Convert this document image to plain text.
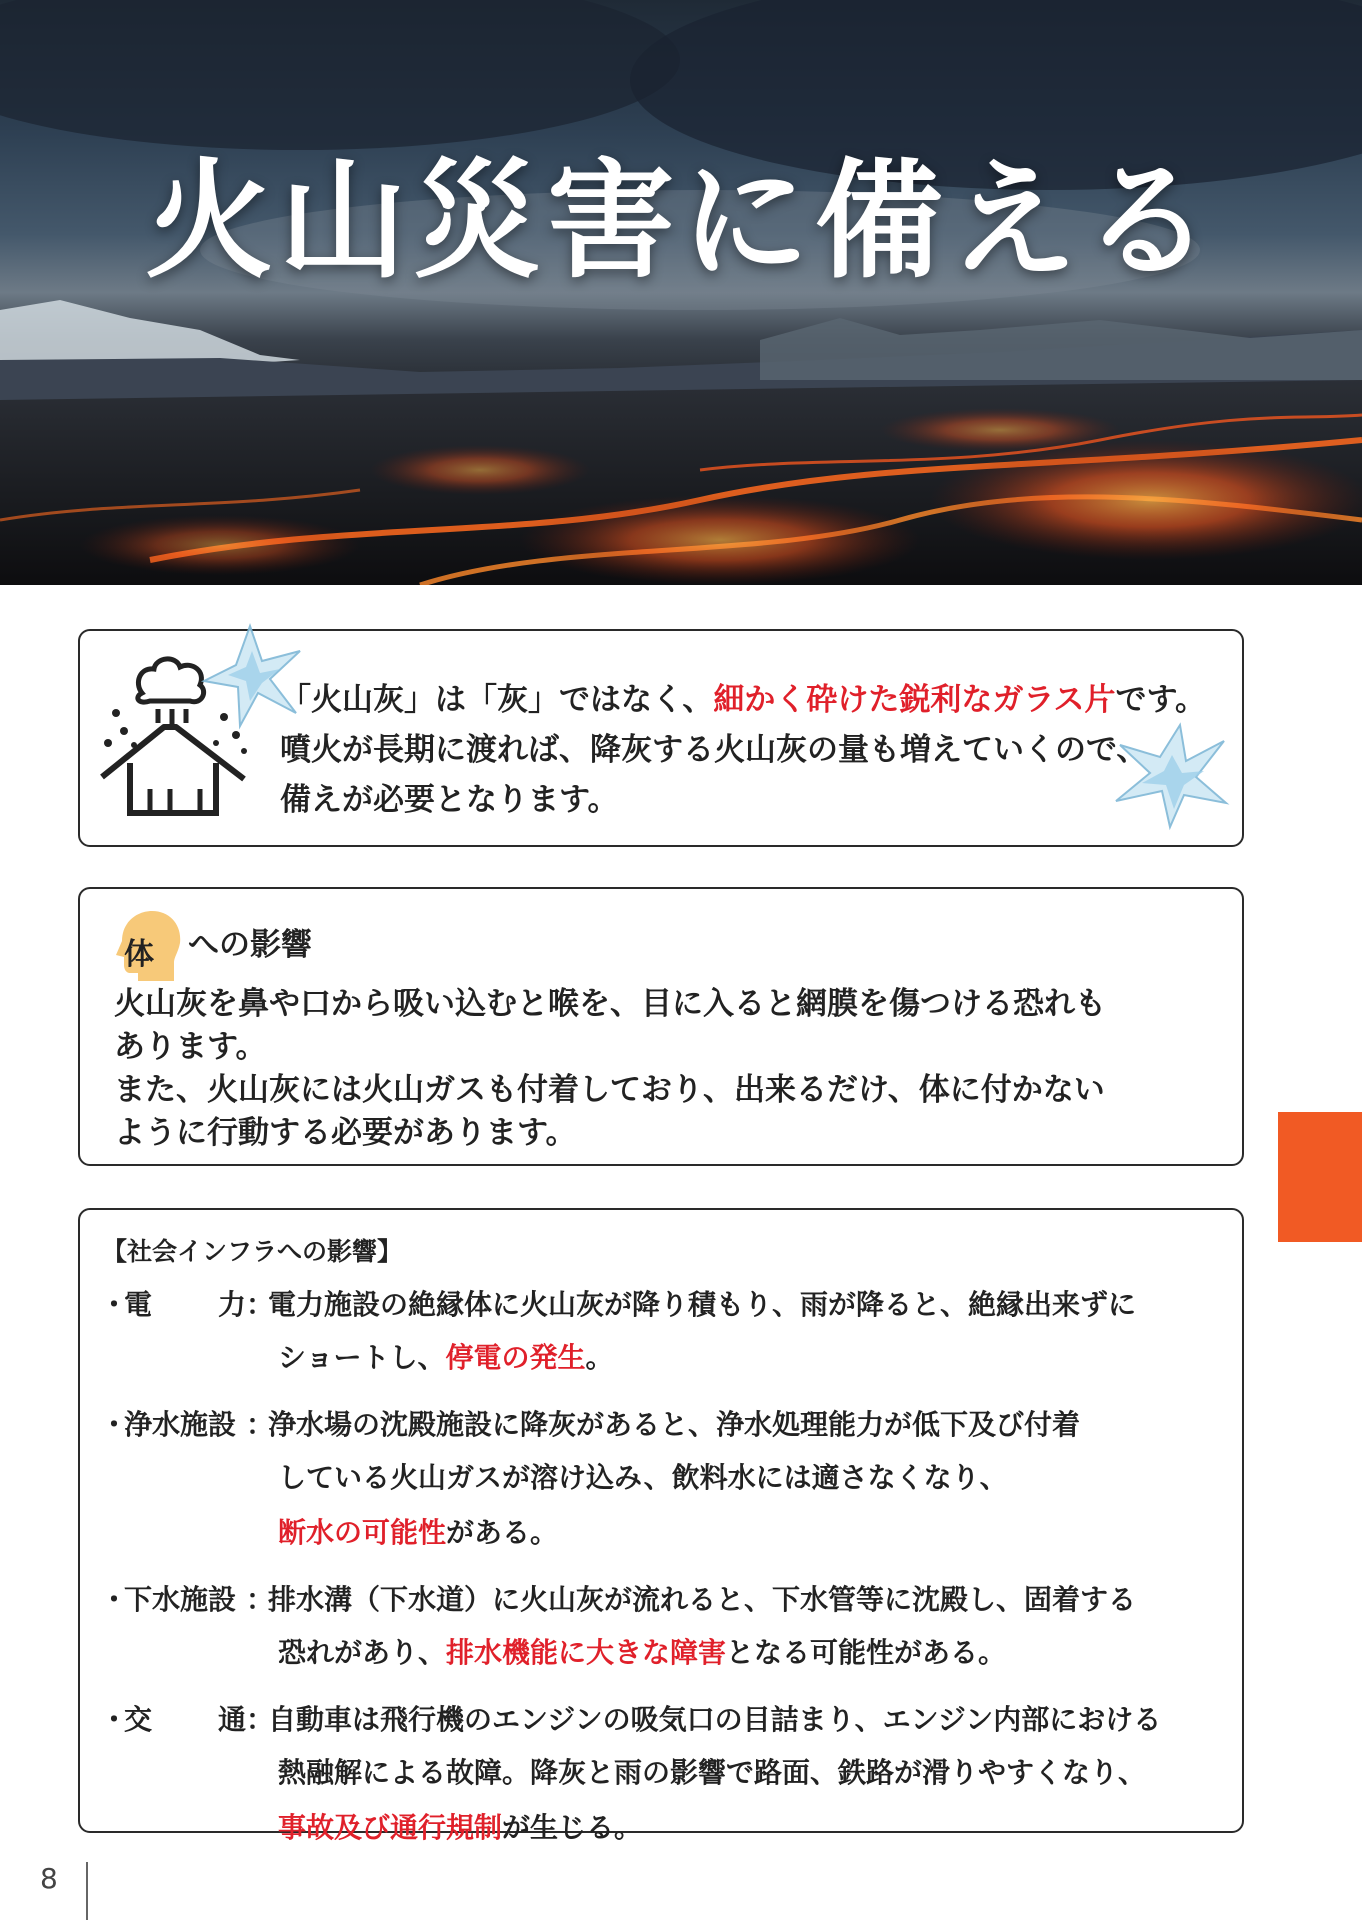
火山災害に備える
「火山灰」は「灰」ではなく、細かく砕けた鋭利なガラス片です。
噴火が長期に渡れば、降灰する火山灰の量も増えていくので、
備えが必要となります。
体 への影響
火山灰を鼻や口から吸い込むと喉を、目に入ると網膜を傷つける恐れも
あります。
また、火山灰には火山ガスも付着しており、出来るだけ、体に付かない
ように行動する必要があります。
【社会インフラへの影響】
・
電 力 ：
電力施設の絶縁体に火山灰が降り積もり、雨が降ると、絶縁出来ずに
ショートし、停電の発生。
・
浄水施設 ：
浄水場の沈殿施設に降灰があると、浄水処理能力が低下及び付着
している火山ガスが溶け込み、飲料水には適さなくなり、
断水の可能性がある。
・
下水施設 ：
排水溝（下水道）に火山灰が流れると、下水管等に沈殿し、固着する
恐れがあり、排水機能に大きな障害となる可能性がある。
・
交 通 ：
自動車は飛行機のエンジンの吸気口の目詰まり、エンジン内部における
熱融解による故障。降灰と雨の影響で路面、鉄路が滑りやすくなり、
事故及び通行規制が生じる。
8
